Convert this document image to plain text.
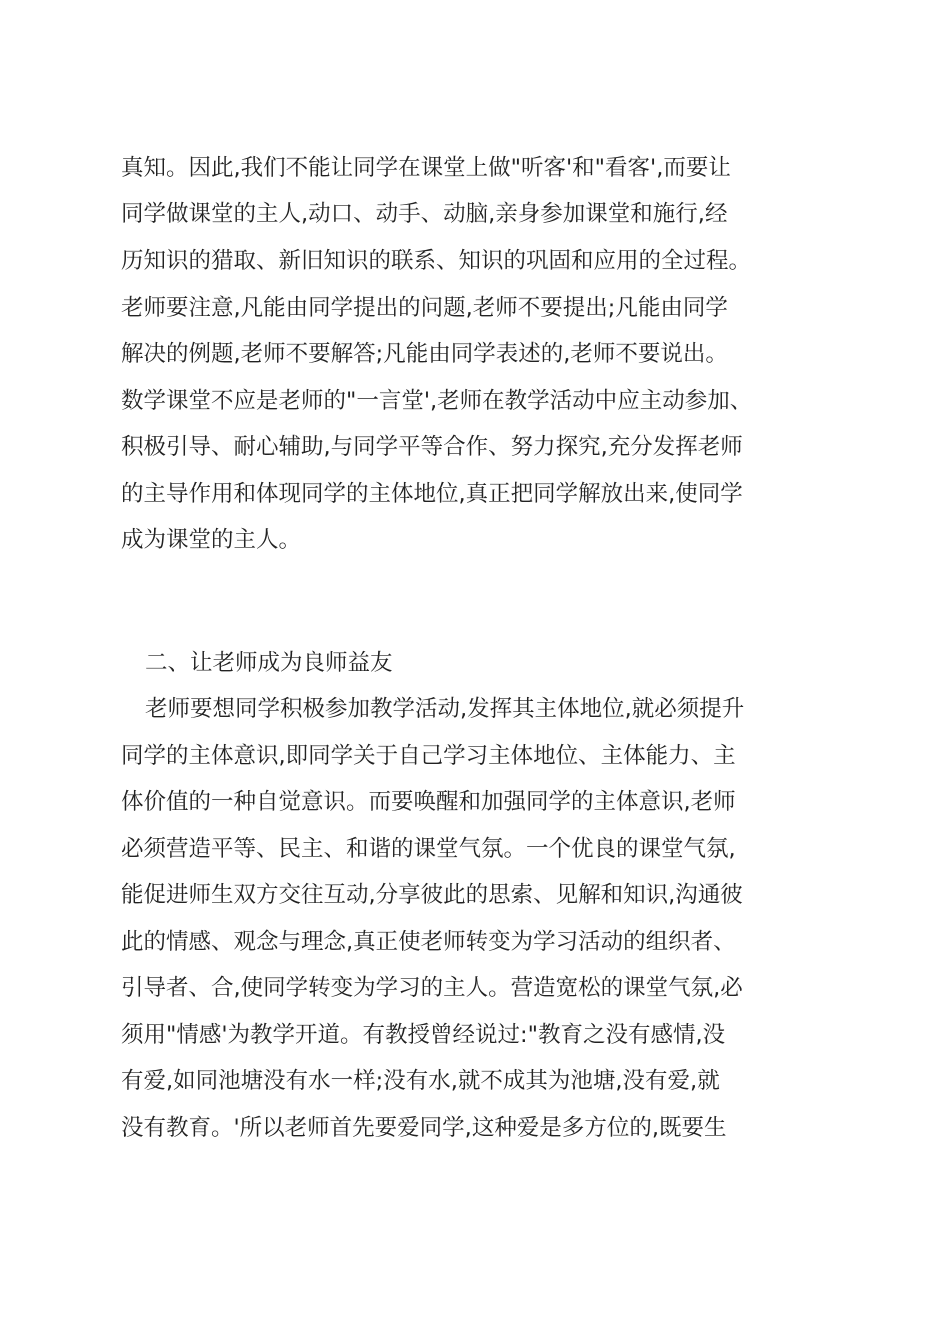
真知。因此,我们不能让同学在课堂上做"听客'和"看客',而要让
同学做课堂的主人,动口、动手、动脑,亲身参加课堂和施行,经
历知识的猎取、新旧知识的联系、知识的巩固和应用的全过程。
老师要注意,凡能由同学提出的问题,老师不要提出;凡能由同学
解决的例题,老师不要解答;凡能由同学表述的,老师不要说出。
数学课堂不应是老师的"一言堂',老师在教学活动中应主动参加、
积极引导、耐心辅助,与同学平等合作、努力探究,充分发挥老师
的主导作用和体现同学的主体地位,真正把同学解放出来,使同学
成为课堂的主人。
二、让老师成为良师益友
老师要想同学积极参加教学活动,发挥其主体地位,就必须提升
同学的主体意识,即同学关于自己学习主体地位、主体能力、主
体价值的一种自觉意识。而要唤醒和加强同学的主体意识,老师
必须营造平等、民主、和谐的课堂气氛。一个优良的课堂气氛,
能促进师生双方交往互动,分享彼此的思索、见解和知识,沟通彼
此的情感、观念与理念,真正使老师转变为学习活动的组织者、
引导者、合,使同学转变为学习的主人。营造宽松的课堂气氛,必
须用"情感'为教学开道。有教授曾经说过:"教育之没有感情,没
有爱,如同池塘没有水一样;没有水,就不成其为池塘,没有爱,就
没有教育。'所以老师首先要爱同学,这种爱是多方位的,既要生
